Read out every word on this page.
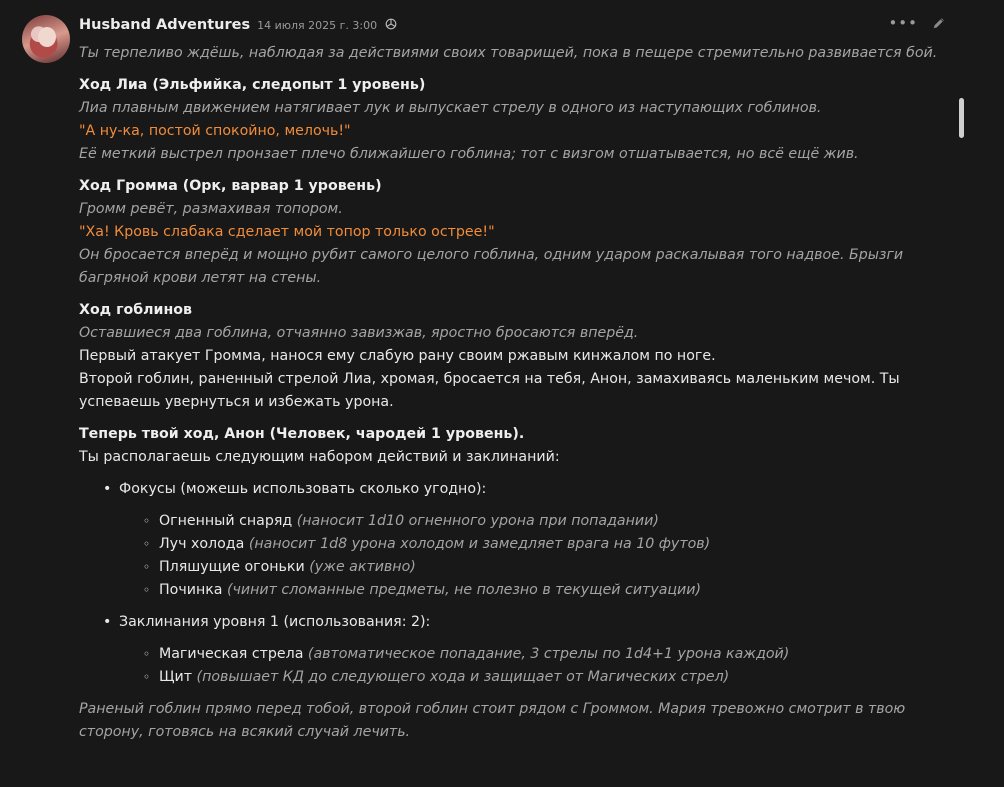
Husband Adventures 14 июля 2025 г. 3:00	•••

Ты терпеливо ждёшь, наблюдая за действиями своих товарищей, пока в пещере стремительно развивается бой.

Ход Лиа (Эльфийка, следопыт 1 уровень)

Лиа плавным движением натягивает лук и выпускает стрелу в одного из наступающих гоблинов.

"А ну-ка, постой спокойно, мелочь!"

Её меткий выстрел пронзает плечо ближайшего гоблина; тот с визгом отшатывается, но всё ещё жив.

Ход Громма (Орк, варвар 1 уровень)

Громм ревёт, размахивая топором.

"Ха! Кровь слабака сделает мой топор только острее!"

Он бросается вперёд и мощно рубит самого целого гоблина, одним ударом раскалывая того надвое. Брызги багряной крови летят на стены.

Ход гоблинов

Оставшиеся два гоблина, отчаянно завизжав, яростно бросаются вперёд.

Первый атакует Громма, нанося ему слабую рану своим ржавым кинжалом по ноге.

Второй гоблин, раненный стрелой Лиа, хромая, бросается на тебя, Анон, замахиваясь маленьким мечом. Ты успеваешь увернуться и избежать урона.

Теперь твой ход, Анон (Человек, чародей 1 уровень).

Ты располагаешь следующим набором действий и заклинаний:

• Фокусы (можешь использовать сколько угодно):
◦ Огненный снаряд (наносит 1d10 огненного урона при попадании)
◦ Луч холода (наносит 1d8 урона холодом и замедляет врага на 10 футов)
◦ Пляшущие огоньки (уже активно)
◦ Починка (чинит сломанные предметы, не полезно в текущей ситуации)
• Заклинания уровня 1 (использования: 2):
◦ Магическая стрела (автоматическое попадание, 3 стрелы по 1d4+1 урона каждой)
◦ Щит (повышает КД до следующего хода и защищает от Магических стрел)

Раненый гоблин прямо перед тобой, второй гоблин стоит рядом с Громмом. Мария тревожно смотрит в твою сторону, готовясь на всякий случай лечить.
